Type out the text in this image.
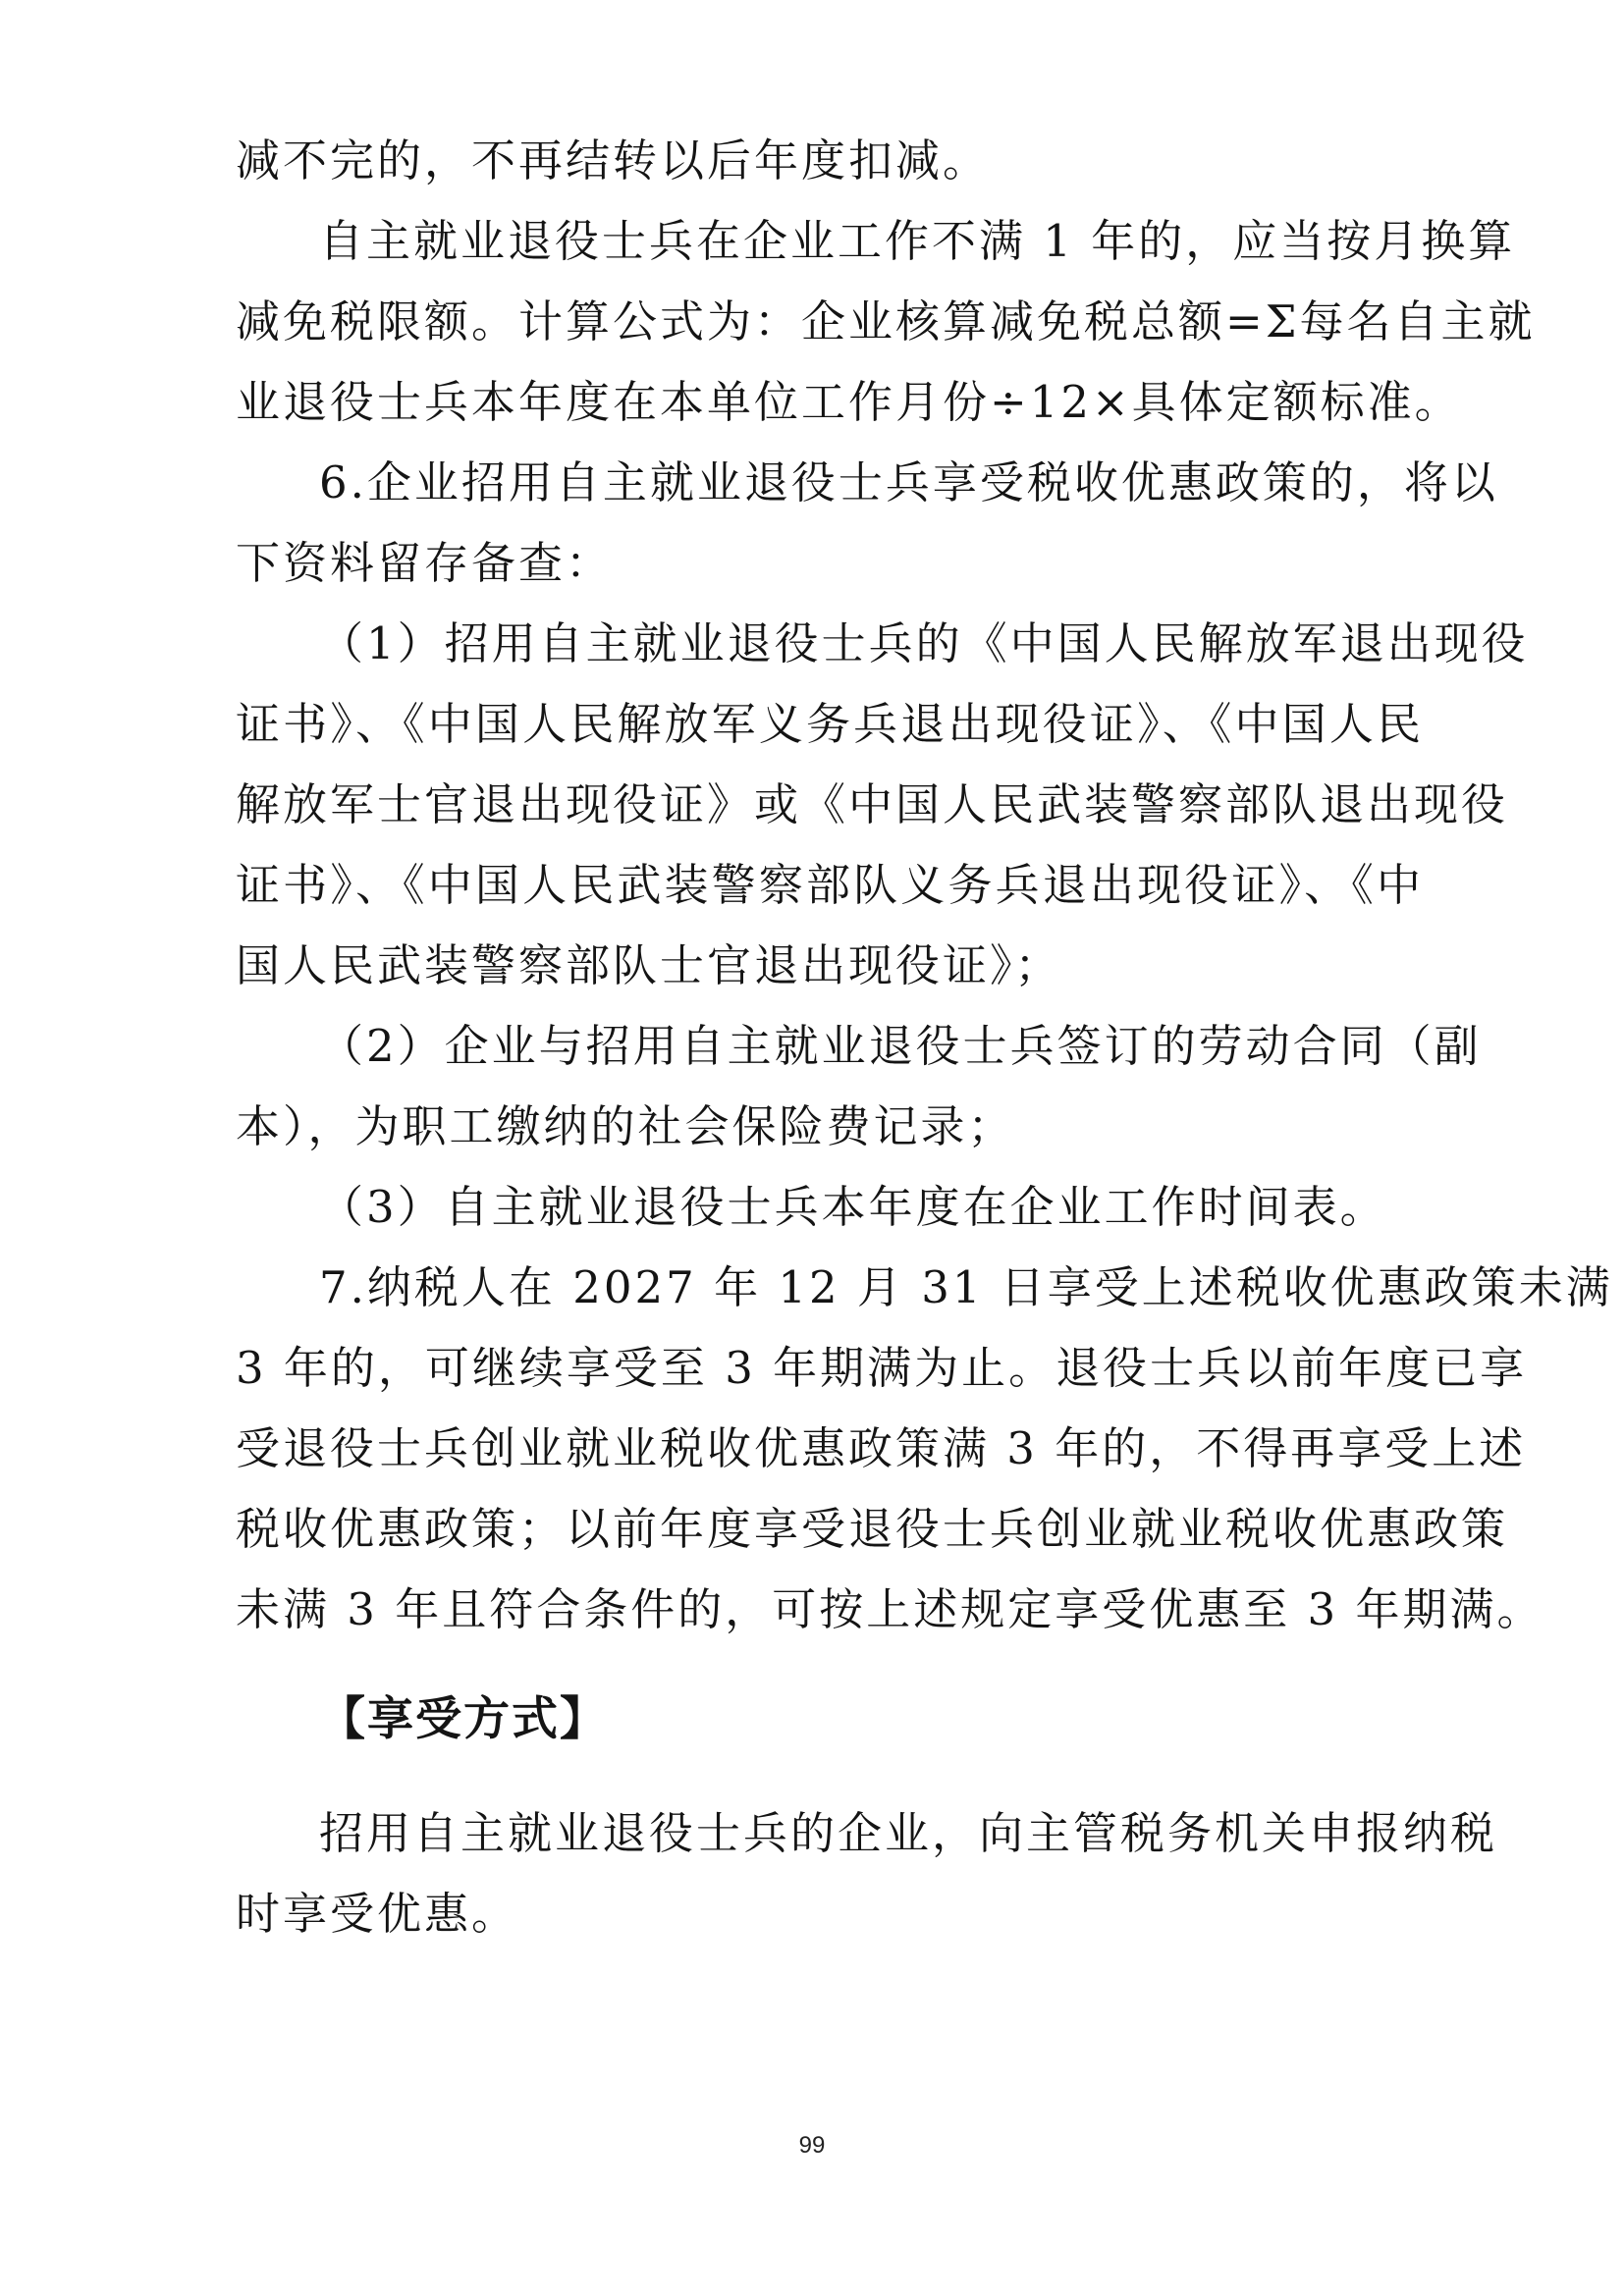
减不完的，不再结转以后年度扣减。
自主就业退役士兵在企业工作不满 1 年的，应当按月换算
减免税限额。计算公式为：企业核算减免税总额=Σ每名自主就
业退役士兵本年度在本单位工作月份÷12×具体定额标准。
6.企业招用自主就业退役士兵享受税收优惠政策的，将以
下资料留存备查：
（1）招用自主就业退役士兵的《中国人民解放军退出现役
证书》、《中国人民解放军义务兵退出现役证》、《中国人民
解放军士官退出现役证》或《中国人民武装警察部队退出现役
证书》、《中国人民武装警察部队义务兵退出现役证》、《中
国人民武装警察部队士官退出现役证》；
（2）企业与招用自主就业退役士兵签订的劳动合同（副
本），为职工缴纳的社会保险费记录；
（3）自主就业退役士兵本年度在企业工作时间表。
7.纳税人在 2027 年 12 月 31 日享受上述税收优惠政策未满
3 年的，可继续享受至 3 年期满为止。退役士兵以前年度已享
受退役士兵创业就业税收优惠政策满 3 年的，不得再享受上述
税收优惠政策；以前年度享受退役士兵创业就业税收优惠政策
未满 3 年且符合条件的，可按上述规定享受优惠至 3 年期满。
【享受方式】
招用自主就业退役士兵的企业，向主管税务机关申报纳税
时享受优惠。
99
